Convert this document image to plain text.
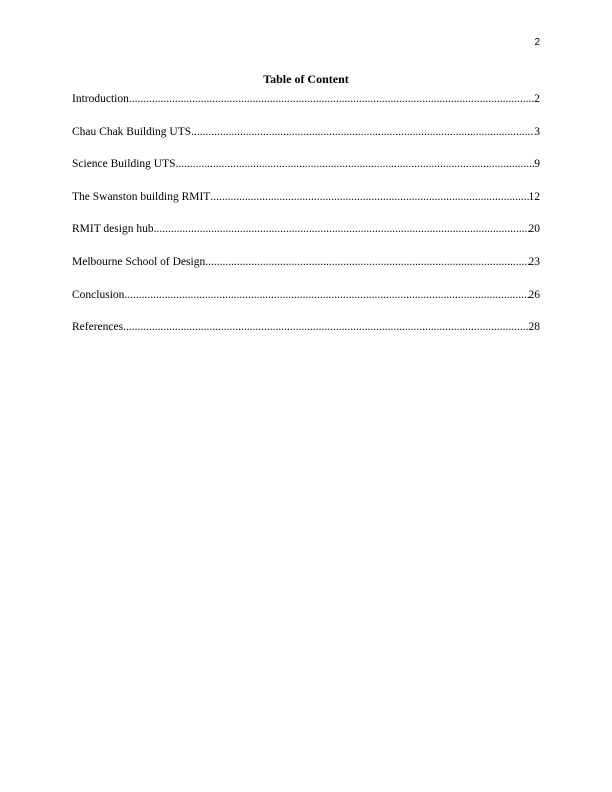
2
Table of Content
Introduction .....	2
Chau Chak Building UTS .....	3
Science Building UTS .....	9
The Swanston building RMIT .....	12
RMIT design hub .....	20
Melbourne School of Design .....	23
Conclusion .....	26
References .....	28
